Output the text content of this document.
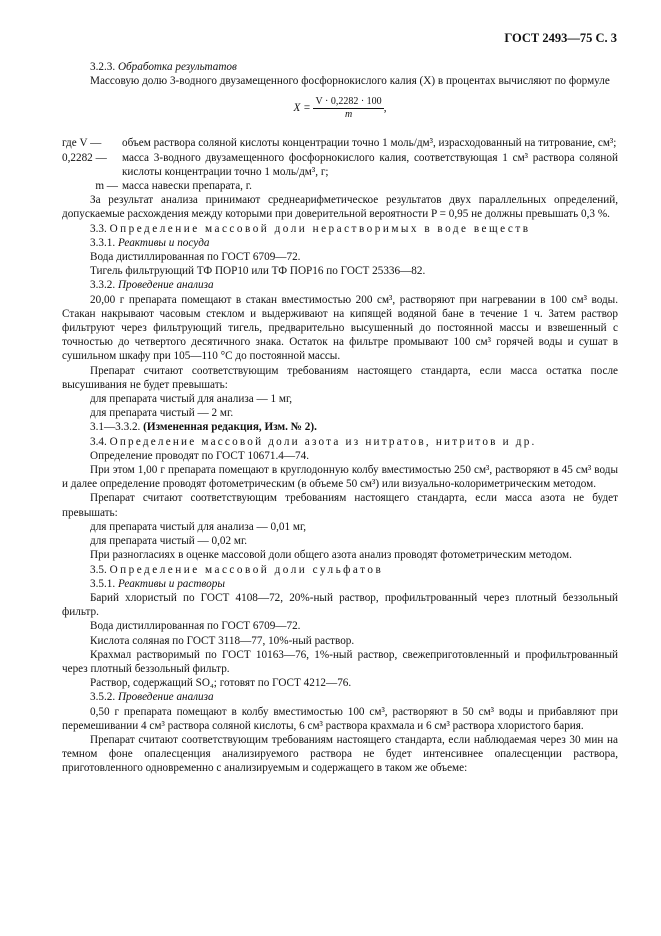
ГОСТ 2493—75 С. 3

3.2.3. Обработка результатов

Массовую долю 3-водного двузамещенного фосфорнокислого калия (X) в процентах вычисляют по формуле

$X = \frac{V \cdot 0,2282 \cdot 100}{m}$ ,
где V —	объем раствора соляной кислоты концентрации точно 1 моль/дм³, израсходованный на титрование, см³;
0,2282 —	масса 3-водного двузамещенного фосфорнокислого калия, соответствующая 1 см³ раствора соляной кислоты концентрации точно 1 моль/дм³, г;
m —	масса навески препарата, г.

За результат анализа принимают среднеарифметическое результатов двух параллельных определений, допускаемые расхождения между которыми при доверительной вероятности P = 0,95 не должны превышать 0,3 %.

3.3. Определение массовой доли нерастворимых в воде веществ

3.3.1. Реактивы и посуда

Вода дистиллированная по ГОСТ 6709—72.

Тигель фильтрующий ТФ ПОР10 или ТФ ПОР16 по ГОСТ 25336—82.

3.3.2. Проведение анализа

20,00 г препарата помещают в стакан вместимостью 200 см³, растворяют при нагревании в 100 см³ воды. Стакан накрывают часовым стеклом и выдерживают на кипящей водяной бане в течение 1 ч. Затем раствор фильтруют через фильтрующий тигель, предварительно высушенный до постоянной массы и взвешенный с точностью до четвертого десятичного знака. Остаток на фильтре промывают 100 см³ горячей воды и сушат в сушильном шкафу при 105—110 °С до постоянной массы.

Препарат считают соответствующим требованиям настоящего стандарта, если масса остатка после высушивания не будет превышать:

для препарата чистый для анализа — 1 мг,

для препарата чистый — 2 мг.

3.1—3.3.2. (Измененная редакция, Изм. № 2).

3.4. Определение массовой доли азота из нитратов, нитритов и др.

Определение проводят по ГОСТ 10671.4—74.

При этом 1,00 г препарата помещают в круглодонную колбу вместимостью 250 см³, растворяют в 45 см³ воды и далее определение проводят фотометрическим (в объеме 50 см³) или визуально-колориметрическим методом.

Препарат считают соответствующим требованиям настоящего стандарта, если масса азота не будет превышать:

для препарата чистый для анализа — 0,01 мг,

для препарата чистый — 0,02 мг.

При разногласиях в оценке массовой доли общего азота анализ проводят фотометрическим методом.

3.5. Определение массовой доли сульфатов

3.5.1. Реактивы и растворы

Барий хлористый по ГОСТ 4108—72, 20%-ный раствор, профильтрованный через плотный беззольный фильтр.

Вода дистиллированная по ГОСТ 6709—72.

Кислота соляная по ГОСТ 3118—77, 10%-ный раствор.

Крахмал растворимый по ГОСТ 10163—76, 1%-ный раствор, свежеприготовленный и профильтрованный через плотный беззольный фильтр.

Раствор, содержащий SO₄; готовят по ГОСТ 4212—76.

3.5.2. Проведение анализа

0,50 г препарата помещают в колбу вместимостью 100 см³, растворяют в 50 см³ воды и прибавляют при перемешивании 4 см³ раствора соляной кислоты, 6 см³ раствора крахмала и 6 см³ раствора хлористого бария.

Препарат считают соответствующим требованиям настоящего стандарта, если наблюдаемая через 30 мин на темном фоне опалесценция анализируемого раствора не будет интенсивнее опалесценции раствора, приготовленного одновременно с анализируемым и содержащего в таком же объеме:
